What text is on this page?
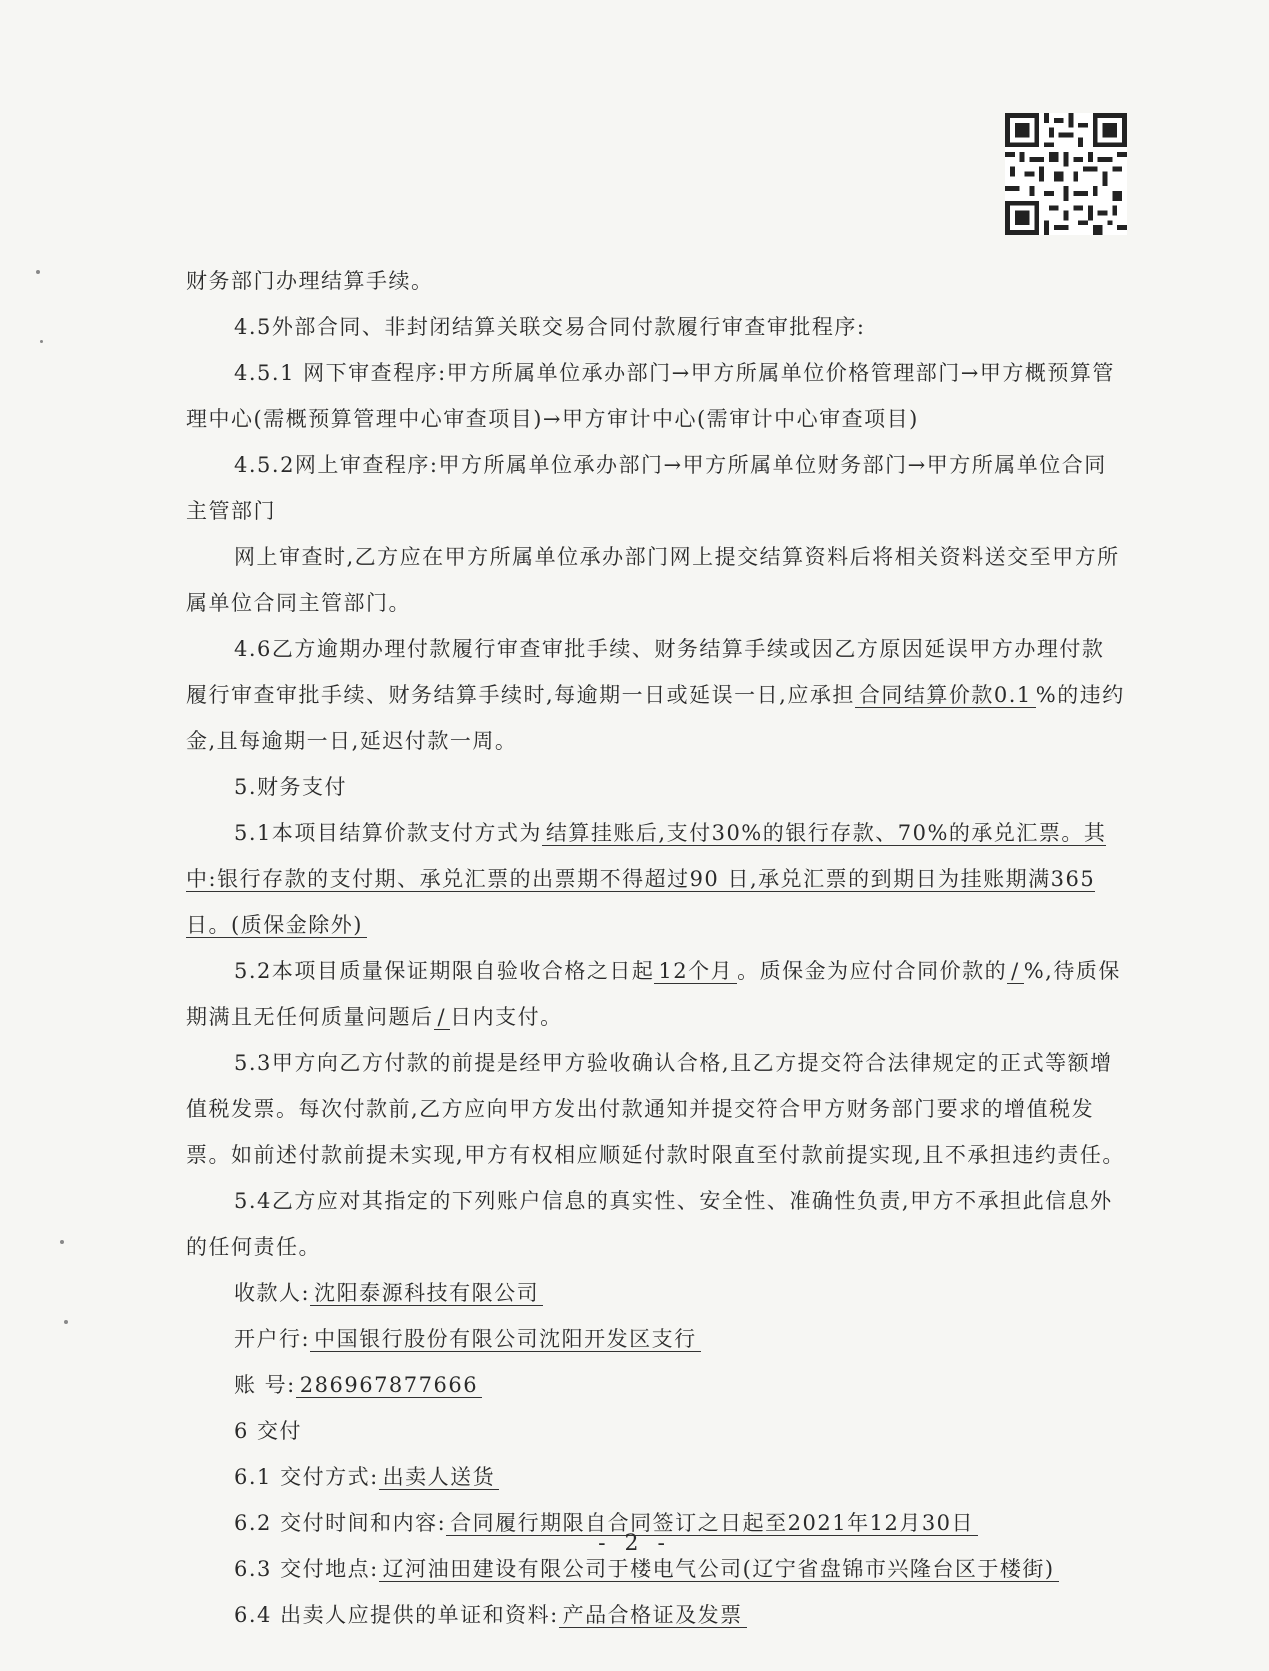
财务部门办理结算手续。

4.5外部合同、非封闭结算关联交易合同付款履行审查审批程序:

4.5.1 网下审查程序:甲方所属单位承办部门→甲方所属单位价格管理部门→甲方概预算管理中心(需概预算管理中心审查项目)→甲方审计中心(需审计中心审查项目)

4.5.2网上审查程序:甲方所属单位承办部门→甲方所属单位财务部门→甲方所属单位合同主管部门

网上审查时,乙方应在甲方所属单位承办部门网上提交结算资料后将相关资料送交至甲方所属单位合同主管部门。

4.6乙方逾期办理付款履行审查审批手续、财务结算手续或因乙方原因延误甲方办理付款履行审查审批手续、财务结算手续时,每逾期一日或延误一日,应承担 合同结算价款0.1 %的违约金,且每逾期一日,延迟付款一周。

5.财务支付

5.1本项目结算价款支付方式为 结算挂账后,支付30%的银行存款、70%的承兑汇票。其中:银行存款的支付期、承兑汇票的出票期不得超过90 日,承兑汇票的到期日为挂账期满365日。(质保金除外)

5.2本项目质量保证期限自验收合格之日起 12个月 。质保金为应付合同价款的 / %,待质保期满且无任何质量问题后 / 日内支付。

5.3甲方向乙方付款的前提是经甲方验收确认合格,且乙方提交符合法律规定的正式等额增值税发票。每次付款前,乙方应向甲方发出付款通知并提交符合甲方财务部门要求的增值税发票。如前述付款前提未实现,甲方有权相应顺延付款时限直至付款前提实现,且不承担违约责任。

5.4乙方应对其指定的下列账户信息的真实性、安全性、准确性负责,甲方不承担此信息外的任何责任。

收款人: 沈阳泰源科技有限公司

开户行: 中国银行股份有限公司沈阳开发区支行

账 号: 286967877666

6 交付

6.1 交付方式: 出卖人送货

6.2 交付时间和内容: 合同履行期限自合同签订之日起至2021年12月30日

6.3 交付地点: 辽河油田建设有限公司于楼电气公司(辽宁省盘锦市兴隆台区于楼街)

6.4 出卖人应提供的单证和资料: 产品合格证及发票

- 2 -
